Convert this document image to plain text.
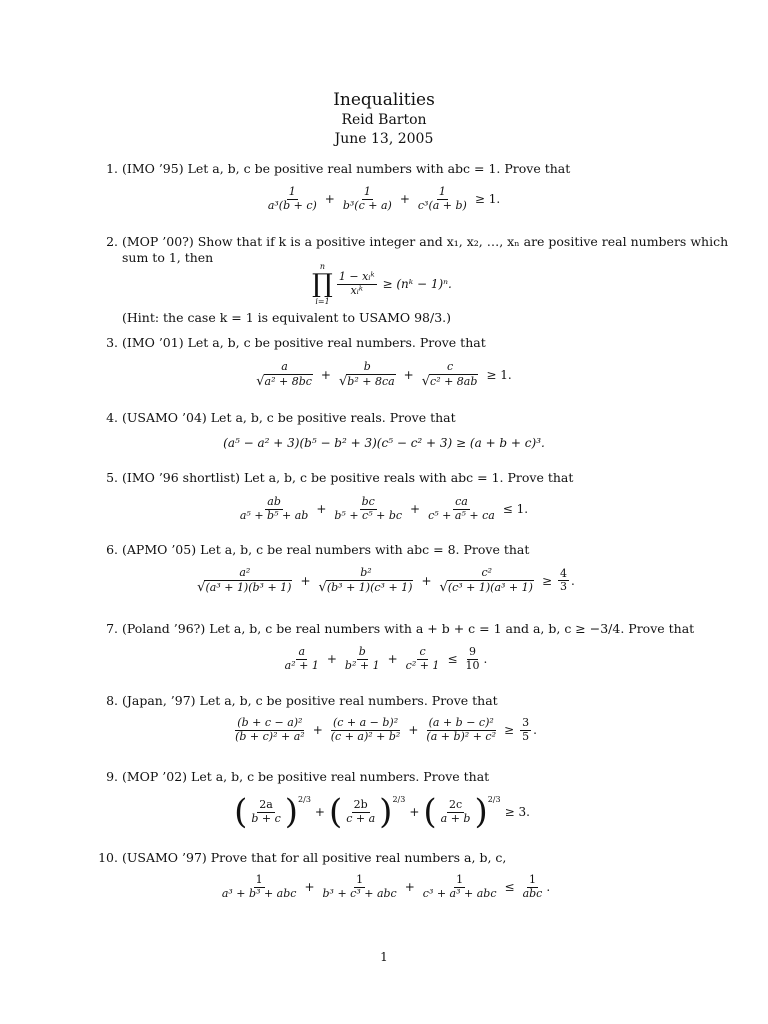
Inequalities
Reid Barton
June 13, 2005
1. (IMO ’95) Let a, b, c be positive real numbers with abc = 1. Prove that
$\frac{1}{\text{a³(b + c)}} + \frac{1}{\text{b³(c + a)}} + \frac{1}{\text{c³(a + b)}} \ge 1$.
2. (MOP ’00?) Show that if k is a positive integer and x₁, x₂, …, xₙ are positive real numbers which
sum to 1, then
n
∏
i=1
$\frac{\text{1 − xᵢᵏ}}{\text{xᵢᵏ}}$ ≥ (nᵏ − 1)ⁿ.
(Hint: the case k = 1 is equivalent to USAMO 98/3.)
3. (IMO ’01) Let a, b, c be positive real numbers. Prove that
$\frac{a}{\text{√a² + 8bc}} + \frac{b}{\text{√b² + 8ca}} + \frac{c}{\text{√c² + 8ab}} \ge 1$.
4. (USAMO ’04) Let a, b, c be positive reals. Prove that
(a⁵ − a² + 3)(b⁵ − b² + 3)(c⁵ − c² + 3) ≥ (a + b + c)³.
5. (IMO ’96 shortlist) Let a, b, c be positive reals with abc = 1. Prove that
$\frac{ab}{\text{a⁵ + b⁵ + ab}} + \frac{bc}{\text{b⁵ + c⁵ + bc}} + \frac{ca}{\text{c⁵ + a⁵ + ca}} \le 1$.
6. (APMO ’05) Let a, b, c be real numbers with abc = 8. Prove that
$\frac{\text{a²}}{\text{√(a³ + 1)(b³ + 1)}} + \frac{\text{b²}}{\text{√(b³ + 1)(c³ + 1)}} + \frac{\text{c²}}{\text{√(c³ + 1)(a³ + 1)}} \ge \frac{4}{3}$ .
7. (Poland ’96?) Let a, b, c be real numbers with a + b + c = 1 and a, b, c ≥ −3/4. Prove that
$\frac{a}{\text{a² + 1}} + \frac{b}{\text{b² + 1}} + \frac{c}{\text{c² + 1}} \le \frac{9}{10}$ .
8. (Japan, ’97) Let a, b, c be positive real numbers. Prove that
$\frac{\text{(b + c − a)²}}{\text{(b + c)² + a²}} + \frac{\text{(c + a − b)²}}{\text{(c + a)² + b²}} + \frac{\text{(a + b − c)²}}{\text{(a + b)² + c²}} \ge \frac{3}{5}$ .
9. (MOP ’02) Let a, b, c be positive real numbers. Prove that
( $\frac{2a}{b + c} )^{2/3}$
+ ( $\frac{2b}{c + a} )^{2/3}$
+ ( $\frac{2c}{a + b} )^{2/3}$
≥ 3.
10. (USAMO ’97) Prove that for all positive real numbers a, b, c,
$\frac{1}{\text{a³ + b³ + abc}} + \frac{1}{\text{b³ + c³ + abc}} + \frac{1}{\text{c³ + a³ + abc}} \le \frac{1}{\text{abc}}$ .
1
